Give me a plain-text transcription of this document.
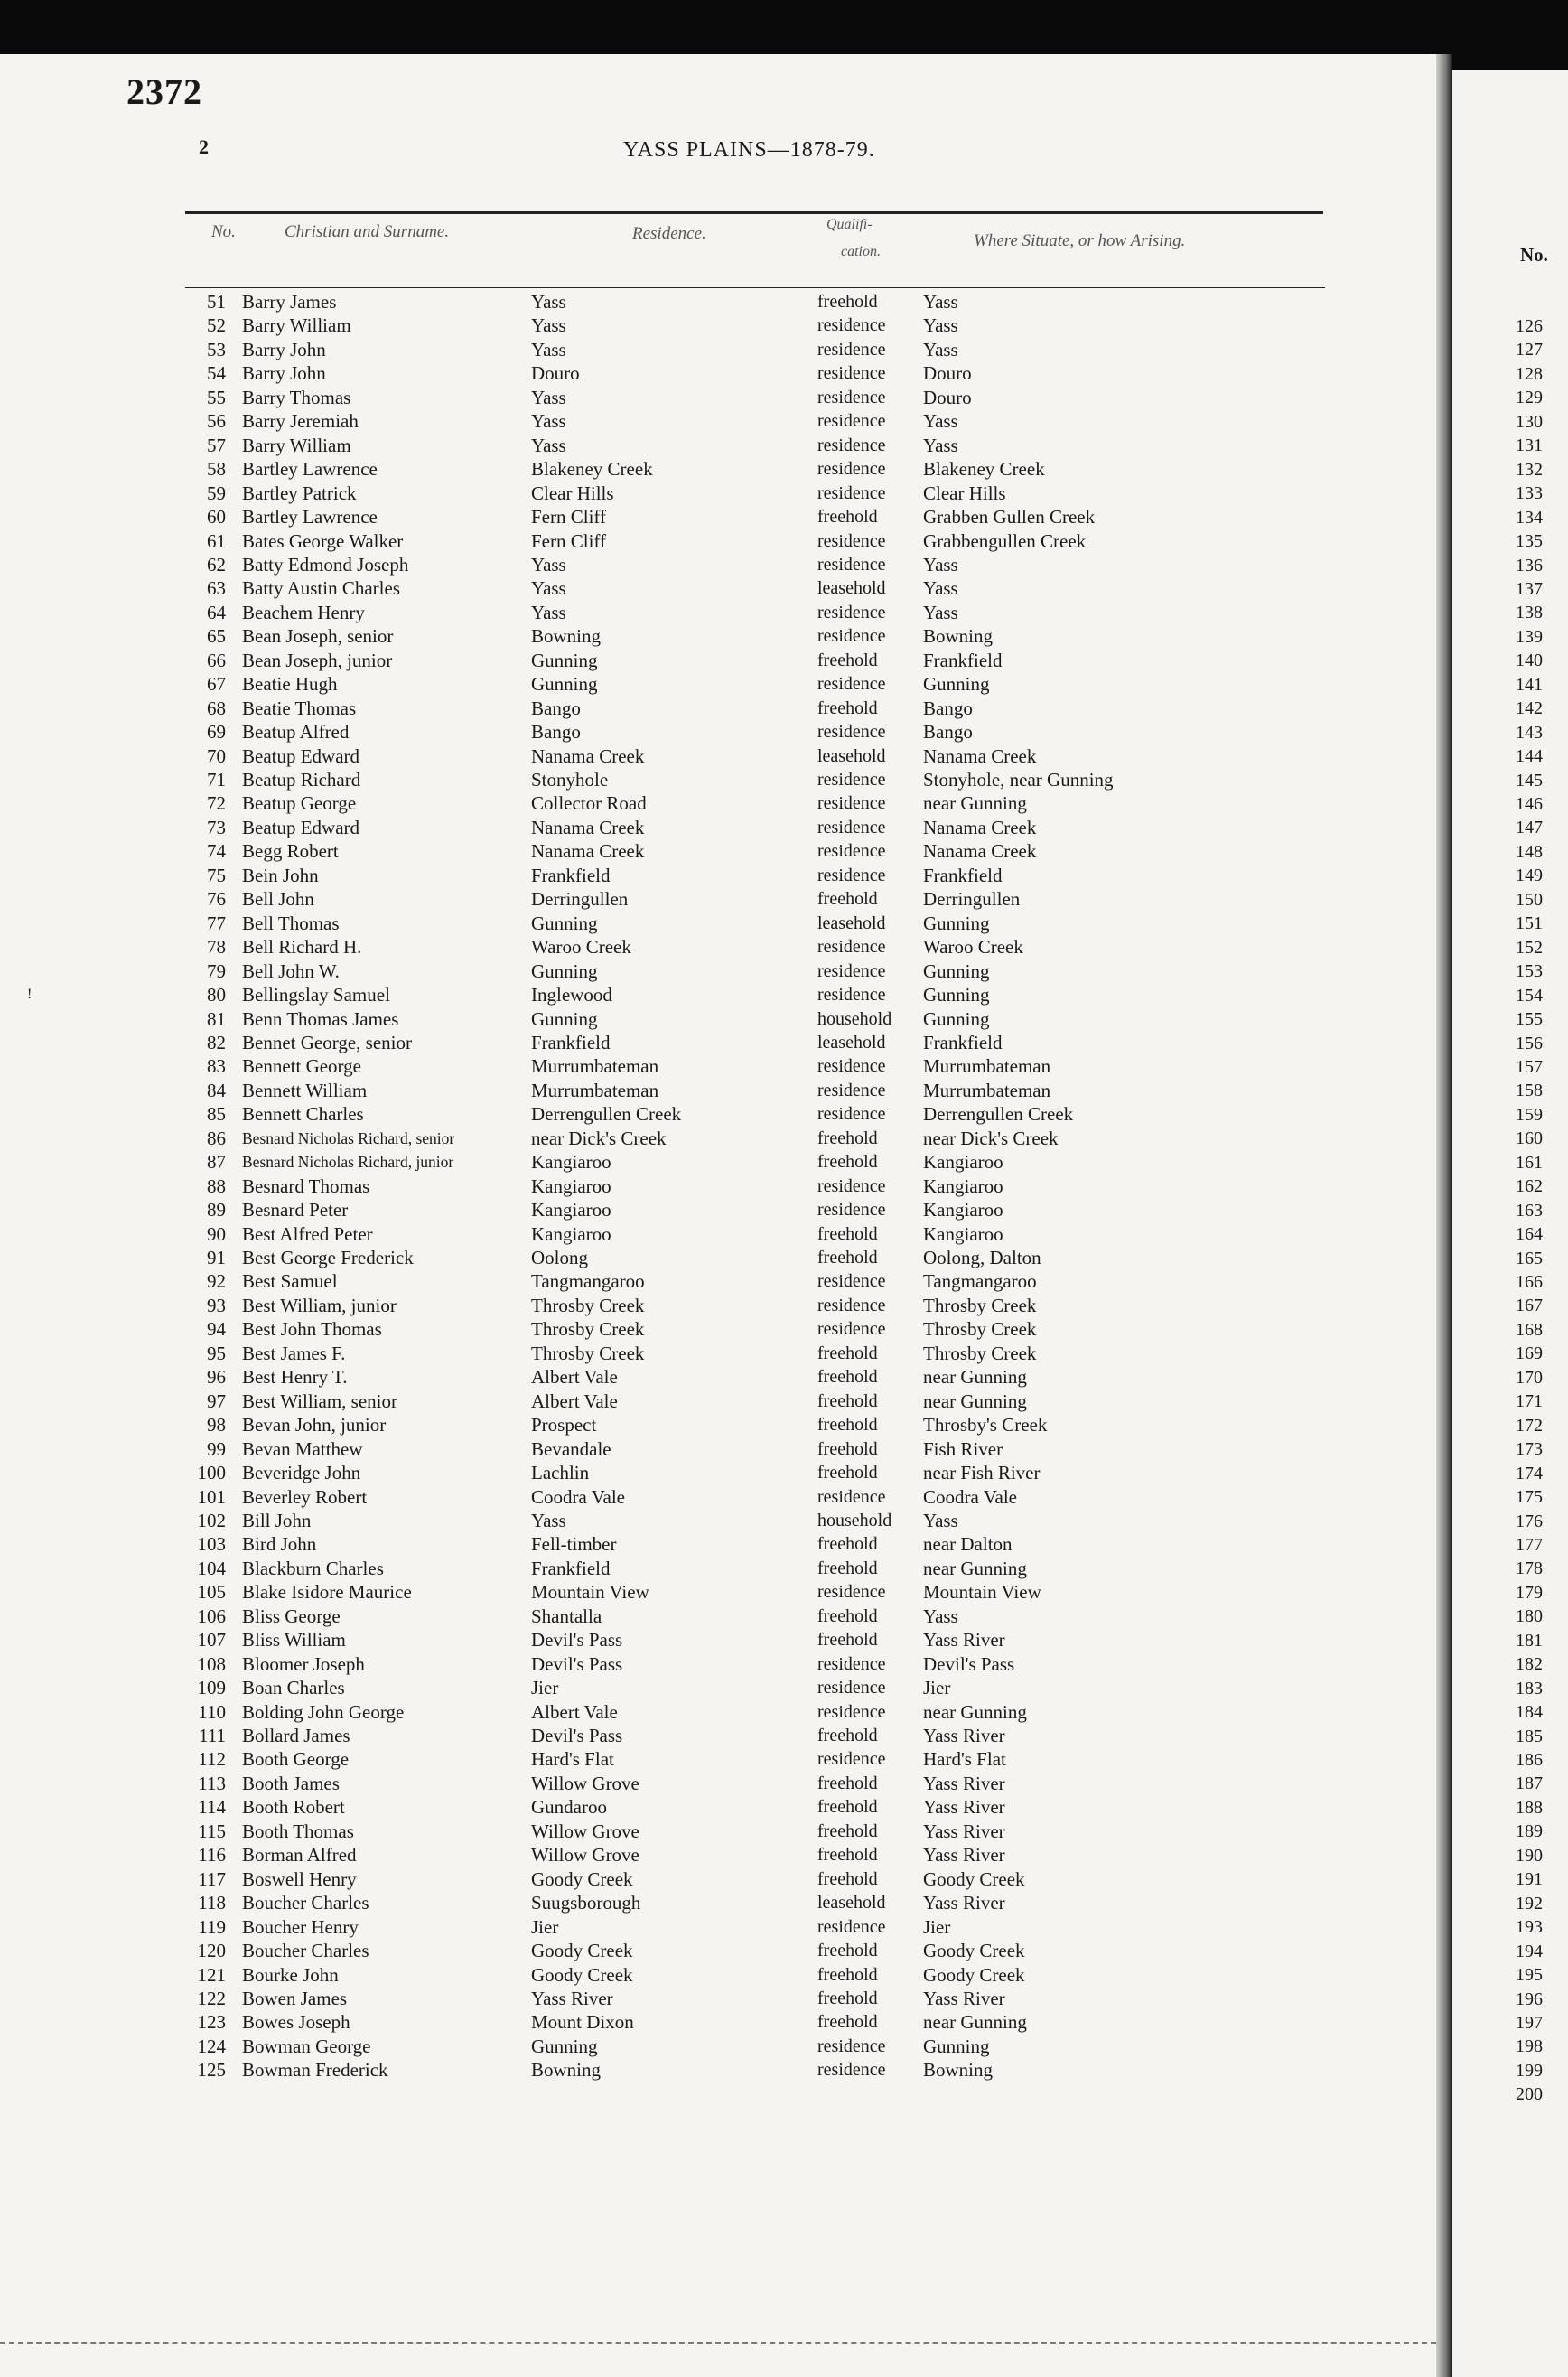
2372
2	YASS PLAINS—1878-79.
No.	Christian and Surname.	Residence.	Qualifi-
cation.
Where Situate, or how Arising.
No.
51 Barry James	Yass	freehold Yass
52 Barry William	Yass	residence Yass
53 Barry John	Yass	residence Yass
54 Barry John	Douro	residence Douro
55 Barry Thomas	Yass	residence Douro
56 Barry Jeremiah	Yass	residence Yass
57 Barry William	Yass	residence Yass
58 Bartley Lawrence	Blakeney Creek	residence Blakeney Creek
59 Bartley Patrick	Clear Hills	residence Clear Hills
60 Bartley Lawrence	Fern Cliff	freehold Grabben Gullen Creek
61 Bates George Walker	Fern Cliff	residence Grabbengullen Creek
62 Batty Edmond Joseph	Yass	residence Yass
63 Batty Austin Charles	Yass	leasehold Yass
64 Beachem Henry	Yass	residence Yass
65 Bean Joseph, senior	Bowning	residence Bowning
66 Bean Joseph, junior	Gunning	freehold Frankfield
67 Beatie Hugh	Gunning	residence Gunning
68 Beatie Thomas	Bango	freehold Bango
69 Beatup Alfred	Bango	residence Bango
70 Beatup Edward	Nanama Creek	leasehold Nanama Creek
71 Beatup Richard	Stonyhole	residence Stonyhole, near Gunning
72 Beatup George	Collector Road	residence near Gunning
73 Beatup Edward	Nanama Creek	residence Nanama Creek
74 Begg Robert	Nanama Creek	residence Nanama Creek
75 Bein John	Frankfield	residence Frankfield
76 Bell John	Derringullen	freehold Derringullen
77 Bell Thomas	Gunning	leasehold Gunning
78 Bell Richard H.	Waroo Creek	residence Waroo Creek
79 Bell John W.	Gunning	residence Gunning
80 Bellingslay Samuel	Inglewood	residence Gunning
81 Benn Thomas James	Gunning	household Gunning
82 Bennet George, senior	Frankfield	leasehold Frankfield
83 Bennett George	Murrumbateman	residence Murrumbateman
84 Bennett William	Murrumbateman	residence Murrumbateman
85 Bennett Charles	Derrengullen Creek	residence Derrengullen Creek
86 Besnard Nicholas Richard, senior	near Dick's Creek	freehold near Dick's Creek
87 Besnard Nicholas Richard, junior	Kangiaroo	freehold Kangiaroo
88 Besnard Thomas	Kangiaroo	residence Kangiaroo
89 Besnard Peter	Kangiaroo	residence Kangiaroo
90 Best Alfred Peter	Kangiaroo	freehold Kangiaroo
91 Best George Frederick	Oolong	freehold Oolong, Dalton
92 Best Samuel	Tangmangaroo	residence Tangmangaroo
93 Best William, junior	Throsby Creek	residence Throsby Creek
94 Best John Thomas	Throsby Creek	residence Throsby Creek
95 Best James F.	Throsby Creek	freehold Throsby Creek
96 Best Henry T.	Albert Vale	freehold near Gunning
97 Best William, senior	Albert Vale	freehold near Gunning
98 Bevan John, junior	Prospect	freehold Throsby's Creek
99 Bevan Matthew	Bevandale	freehold Fish River
100 Beveridge John	Lachlin	freehold near Fish River
101 Beverley Robert	Coodra Vale	residence Coodra Vale
102 Bill John	Yass	household Yass
103 Bird John	Fell-timber	freehold near Dalton
104 Blackburn Charles	Frankfield	freehold near Gunning
105 Blake Isidore Maurice	Mountain View	residence Mountain View
106 Bliss George	Shantalla	freehold Yass
107 Bliss William	Devil's Pass	freehold Yass River
108 Bloomer Joseph	Devil's Pass	residence Devil's Pass
109 Boan Charles	Jier	residence Jier
110 Bolding John George	Albert Vale	residence near Gunning
111 Bollard James	Devil's Pass	freehold Yass River
112 Booth George	Hard's Flat	residence Hard's Flat
113 Booth James	Willow Grove	freehold Yass River
114 Booth Robert	Gundaroo	freehold Yass River
115 Booth Thomas	Willow Grove	freehold Yass River
116 Borman Alfred	Willow Grove	freehold Yass River
117 Boswell Henry	Goody Creek	freehold Goody Creek
118 Boucher Charles	Suugsborough	leasehold Yass River
119 Boucher Henry	Jier	residence Jier
120 Boucher Charles	Goody Creek	freehold Goody Creek
121 Bourke John	Goody Creek	freehold Goody Creek
122 Bowen James	Yass River	freehold Yass River
123 Bowes Joseph	Mount Dixon	freehold near Gunning
124 Bowman George	Gunning	residence Gunning
125 Bowman Frederick	Bowning	residence Bowning
126
127
128
129
130
131
132
133
134
135
136
137
138
139
140
141
142
143
144
145
146
147
148
149
150
151
152
153
154
155
156
157
158
159
160
161
162
163
164
165
166
167
168
169
170
171
172
173
174
175
176
177
178
179
180
181
182
183
184
185
186
187
188
189
190
191
192
193
194
195
196
197
198
199
200
!
